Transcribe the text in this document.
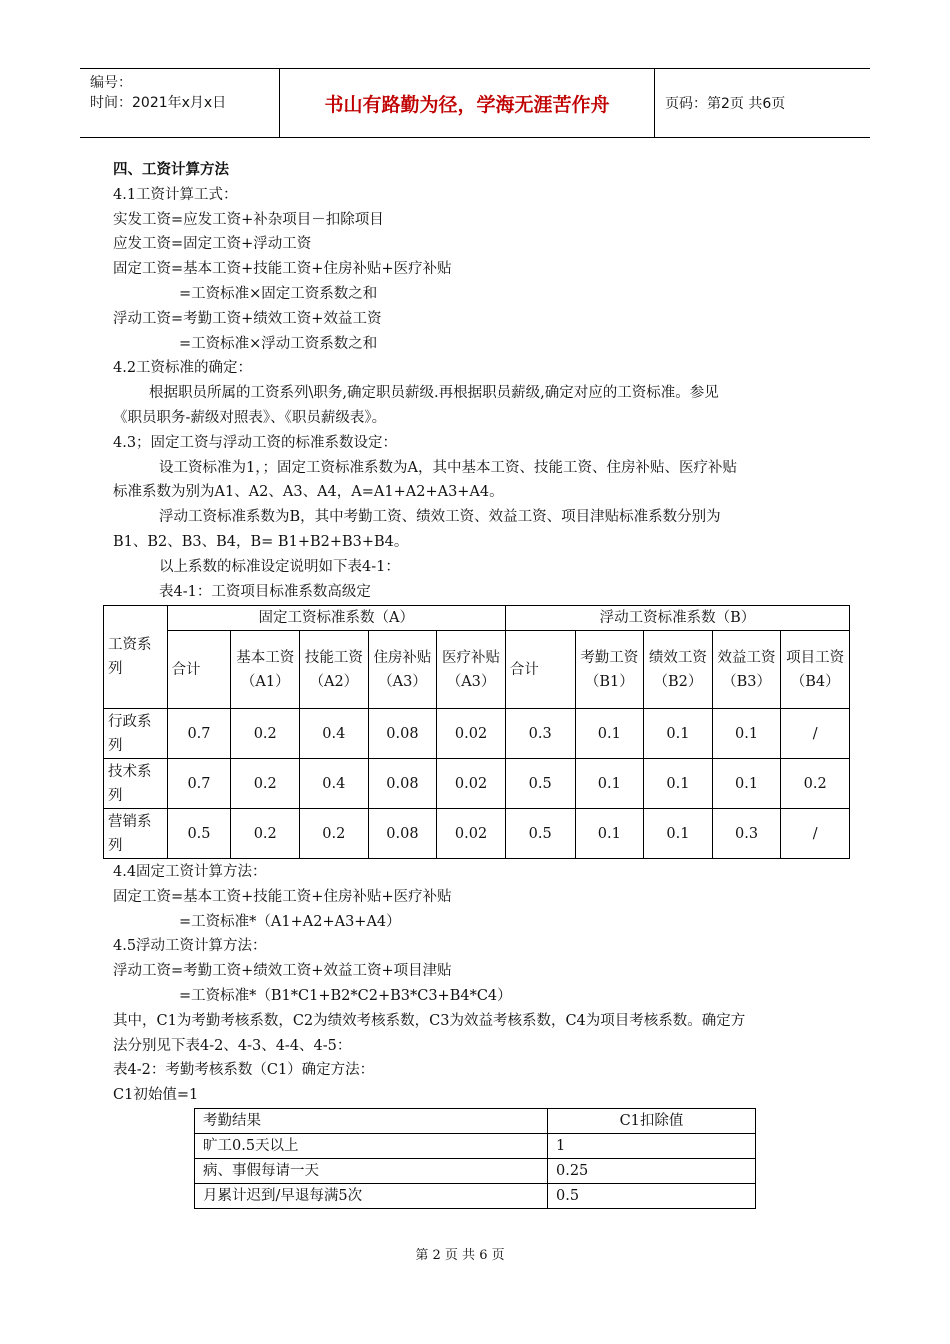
编号：
时间：2021年x月x日	书山有路勤为径，学海无涯苦作舟	页码：第2页 共6页
四、工资计算方法
4.1工资计算工式：
实发工资=应发工资+补杂项目－扣除项目
应发工资=固定工资+浮动工资
固定工资=基本工资+技能工资+住房补贴+医疗补贴
=工资标准×固定工资系数之和
浮动工资=考勤工资+绩效工资+效益工资
=工资标准×浮动工资系数之和
4.2工资标准的确定：
根据职员所属的工资系列\职务,确定职员薪级.再根据职员薪级,确定对应的工资标准。参见
《职员职务-薪级对照表》、《职员薪级表》。
4.3；固定工资与浮动工资的标准系数设定：
设工资标准为1，；固定工资标准系数为A，其中基本工资、技能工资、住房补贴、医疗补贴
标准系数为别为A1、A2、A3、A4，A=A1+A2+A3+A4。
浮动工资标准系数为B，其中考勤工资、绩效工资、效益工资、项目津贴标准系数分别为
B1、B2、B3、B4，B= B1+B2+B3+B4。
以上系数的标准设定说明如下表4-1：
表4-1：工资项目标准系数高级定
工资系列	固定工资标准系数（A）					浮动工资标准系数（B）				
	合计	基本工资（A1）	技能工资（A2）	住房补贴（A3）	医疗补贴（A3）	合计	考勤工资（B1）	绩效工资（B2）	效益工资（B3）	项目工资（B4）
行政系列	0.7	0.2	0.4	0.08	0.02	0.3	0.1	0.1	0.1	/
技术系列	0.7	0.2	0.4	0.08	0.02	0.5	0.1	0.1	0.1	0.2
营销系列	0.5	0.2	0.2	0.08	0.02	0.5	0.1	0.1	0.3	/
4.4固定工资计算方法：
固定工资=基本工资+技能工资+住房补贴+医疗补贴
=工资标准*（A1+A2+A3+A4）
4.5浮动工资计算方法：
浮动工资=考勤工资+绩效工资+效益工资+项目津贴
=工资标准*（B1*C1+B2*C2+B3*C3+B4*C4）
其中，C1为考勤考核系数，C2为绩效考核系数，C3为效益考核系数，C4为项目考核系数。确定方
法分别见下表4-2、4-3、4-4、4-5：
表4-2：考勤考核系数（C1）确定方法：
C1初始值=1
考勤结果	C1扣除值
旷工0.5天以上	1
病、事假每请一天	0.25
月累计迟到/早退每满5次	0.5
第 2 页 共 6 页
